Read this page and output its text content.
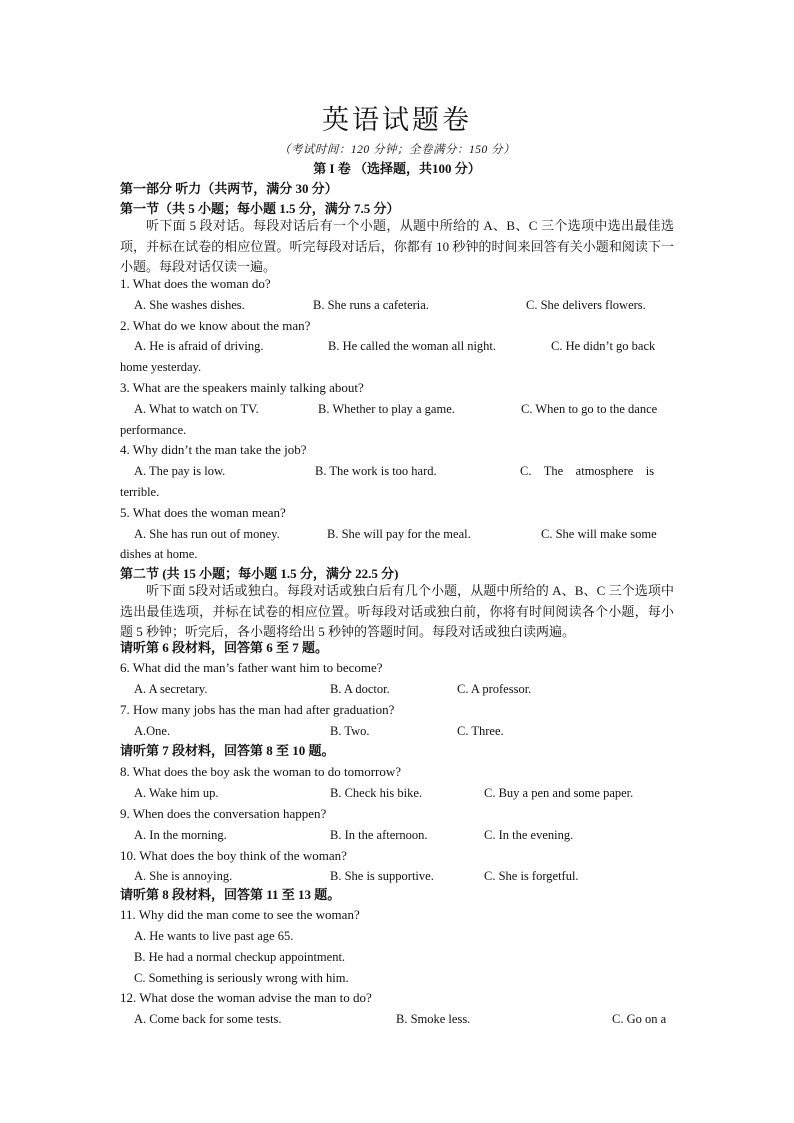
英语试题卷
（考试时间：120 分钟；全卷满分：150 分）
第 I 卷 （选择题，共100 分）
第一部分 听力（共两节，满分 30 分）
第一节（共 5 小题；每小题 1.5 分，满分 7.5 分）
听下面 5 段对话。每段对话后有一个小题，从题中所给的 A、B、C 三个选项中选出最佳选项，并标在试卷的相应位置。听完每段对话后，你都有 10 秒钟的时间来回答有关小题和阅读下一小题。每段对话仅读一遍。
1. What does the woman do?
A. She washes dishes.	B. She runs a cafeteria.	C. She delivers flowers.
2. What do we know about the man?
A. He is afraid of driving.	B. He called the woman all night.	C. He didn’t go back
home yesterday.
3. What are the speakers mainly talking about?
A. What to watch on TV.	B. Whether to play a game.	C. When to go to the dance
performance.
4. Why didn’t the man take the job?
A. The pay is low.	B. The work is too hard.	C.    The    atmosphere    is
terrible.
5. What does the woman mean?
A. She has run out of money.	B. She will pay for the meal.	C. She will make some
dishes at home.
第二节 (共 15 小题；每小题 1.5 分，满分 22.5 分)
听下面 5段对话或独白。每段对话或独白后有几个小题，从题中所给的 A、B、C 三个选项中选出最佳选项，并标在试卷的相应位置。听每段对话或独白前，你将有时间阅读各个小题，每小题 5 秒钟；听完后，各小题将给出 5 秒钟的答题时间。每段对话或独白读两遍。
请听第 6 段材料，回答第 6 至 7 题。
6. What did the man’s father want him to become?
A. A secretary.	B. A doctor.	C. A professor.
7. How many jobs has the man had after graduation?
A.One.	B. Two.	C. Three.
请听第 7 段材料，回答第 8 至 10 题。
8. What does the boy ask the woman to do tomorrow?
A. Wake him up.	B. Check his bike.	C. Buy a pen and some paper.
9. When does the conversation happen?
A. In the morning.	B. In the afternoon.	C. In the evening.
10. What does the boy think of the woman?
A. She is annoying.	B. She is supportive.	C. She is forgetful.
请听第 8 段材料，回答第 11 至 13 题。
11. Why did the man come to see the woman?
A. He wants to live past age 65.
B. He had a normal checkup appointment.
C. Something is seriously wrong with him.
12. What dose the woman advise the man to do?
A. Come back for some tests.	B. Smoke less.	C. Go on a
